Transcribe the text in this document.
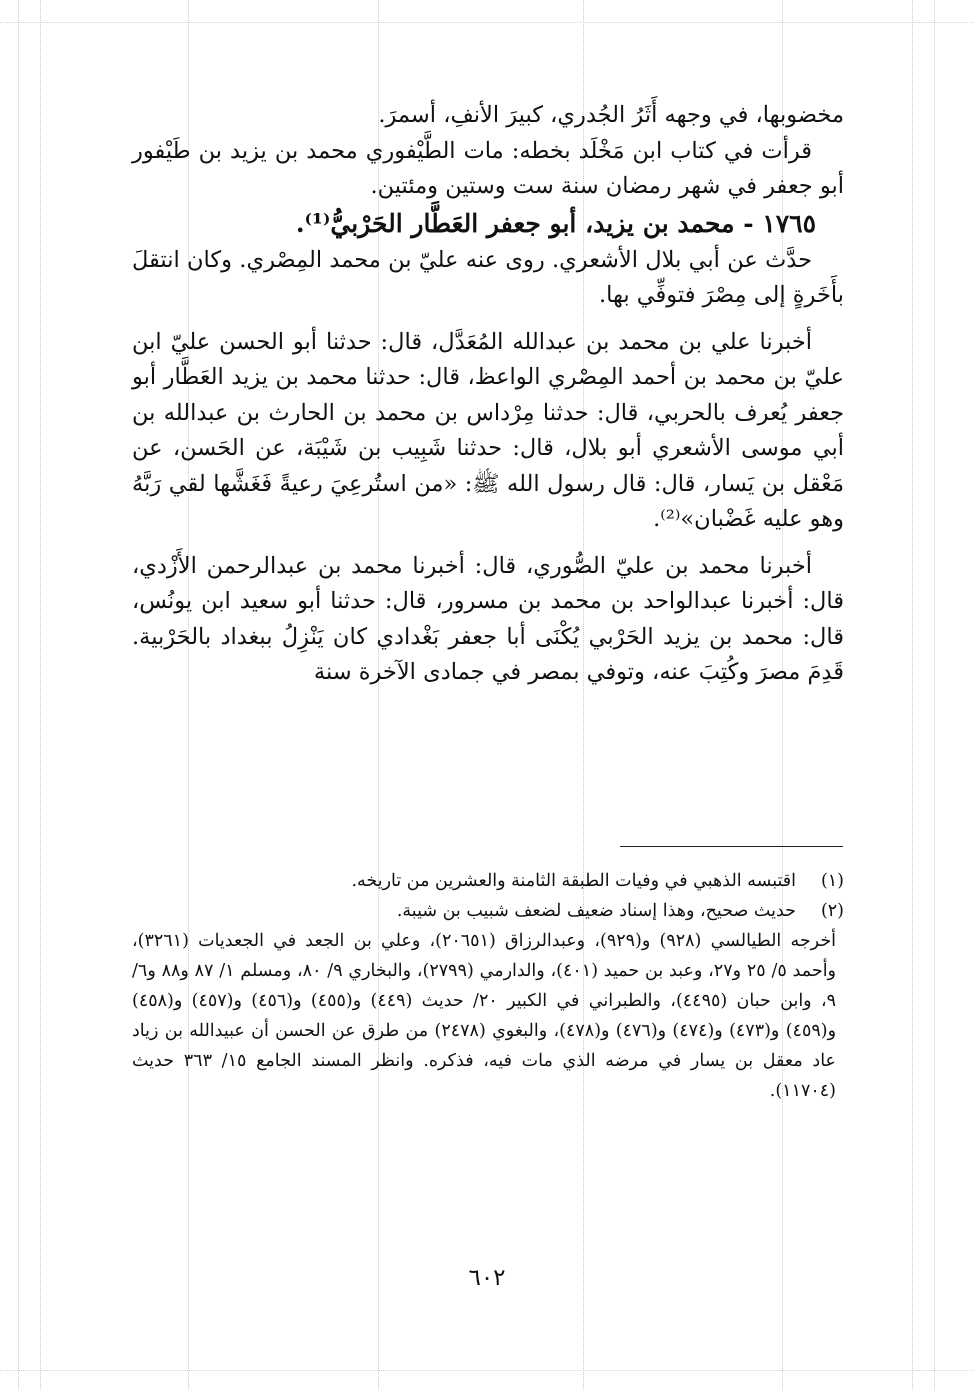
مخضوبها، في وجهه أَثَرُ الجُدري، كبيرَ الأنفِ، أسمرَ.

قرأت في كتاب ابن مَخْلَد بخطه: مات الطَّيْفوري محمد بن يزيد بن طَيْفور أبو جعفر في شهر رمضان سنة ست وستين ومئتين.

١٧٦٥ - محمد بن يزيد، أبو جعفر العَطَّار الحَرْبيُّ⁽¹⁾.

حدَّث عن أبي بلال الأشعري. روى عنه عليّ بن محمد المِصْري. وكان انتقلَ بأَخَرةٍ إلى مِصْرَ فتوفِّي بها.

أخبرنا علي بن محمد بن عبدالله المُعَدَّل، قال: حدثنا أبو الحسن عليّ ابن عليّ بن محمد بن أحمد المِصْري الواعظ، قال: حدثنا محمد بن يزيد العَطَّار أبو جعفر يُعرف بالحربي، قال: حدثنا مِرْداس بن محمد بن الحارث بن عبدالله بن أبي موسى الأشعري أبو بلال، قال: حدثنا شَبِيب بن شَيْبَة، عن الحَسن، عن مَعْقل بن يَسار، قال: قال رسول الله ﷺ: «من استُرعِيَ رعيةً فَغَشَّها لقي رَبَّهُ وهو عليه غَضْبان»⁽²⁾.

أخبرنا محمد بن عليّ الصُّوري، قال: أخبرنا محمد بن عبدالرحمن الأَزْدي، قال: أخبرنا عبدالواحد بن محمد بن مسرور، قال: حدثنا أبو سعيد ابن يونُس، قال: محمد بن يزيد الحَرْبي يُكْنَى أبا جعفر بَغْدادي كان يَنْزِلُ ببغداد بالحَرْبية. قَدِمَ مصرَ وكُتِبَ عنه، وتوفي بمصر في جمادى الآخرة سنة

(١)اقتبسه الذهبي في وفيات الطبقة الثامنة والعشرين من تاريخه.

(٢)حديث صحيح، وهذا إسناد ضعيف لضعف شبيب بن شيبة.

أخرجه الطيالسي (٩٢٨) و(٩٢٩)، وعبدالرزاق (٢٠٦٥١)، وعلي بن الجعد في الجعديات (٣٢٦١)، وأحمد ٥/ ٢٥ و٢٧، وعبد بن حميد (٤٠١)، والدارمي (٢٧٩٩)، والبخاري ٩/ ٨٠، ومسلم ١/ ٨٧ و٨٨ و٦/ ٩، وابن حبان (٤٤٩٥)، والطبراني في الكبير ٢٠/ حديث (٤٤٩) و(٤٥٥) و(٤٥٦) و(٤٥٧) و(٤٥٨) و(٤٥٩) و(٤٧٣) و(٤٧٤) و(٤٧٦) و(٤٧٨)، والبغوي (٢٤٧٨) من طرق عن الحسن أن عبيدالله بن زياد عاد معقل بن يسار في مرضه الذي مات فيه، فذكره. وانظر المسند الجامع ١٥/ ٣٦٣ حديث (١١٧٠٤).

٦٠٢
